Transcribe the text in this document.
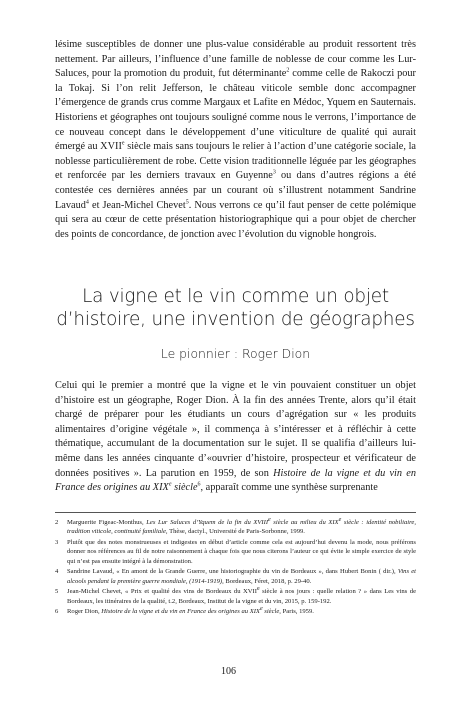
lésime susceptibles de donner une plus-value considérable au produit ressortent très nettement. Par ailleurs, l’influence d’une famille de noblesse de cour comme les Lur-Saluces, pour la promotion du produit, fut déterminante$^2$ comme celle de Rakoczi pour la Tokaj. Si l’on relit Jefferson, le château viticole semble donc accompagner l’émergence de grands crus comme Margaux et Lafite en Médoc, Yquem en Sauternais. Historiens et géographes ont toujours souligné comme nous le verrons, l’importance de ce nouveau concept dans le développement d’une viticulture de qualité qui aurait émergé au XVIIe siècle mais sans toujours le relier à l’action d’une catégorie sociale, la noblesse particulièrement de robe. Cette vision traditionnelle léguée par les géographes et renforcée par les derniers travaux en Guyenne$^3$ ou dans d’autres régions a été contestée ces dernières années par un courant où s’illustrent notamment Sandrine Lavaud$^4$ et Jean-Michel Chevet$^5$. Nous verrons ce qu’il faut penser de cette polémique qui sera au cœur de cette présentation historiographique qui a pour objet de chercher des points de concordance, de jonction avec l’évolution du vignoble hongrois.

La vigne et le vin comme un objet
d’histoire, une invention de géographes
Le pionnier : Roger Dion

Celui qui le premier a montré que la vigne et le vin pouvaient constituer un objet d’histoire est un géographe, Roger Dion. À la fin des années Trente, alors qu’il était chargé de préparer pour les étudiants un cours d’agrégation sur « les produits alimentaires d’origine végétale », il commença à s’intéresser et à réfléchir à cette thématique, accumulant de la documentation sur le sujet. Il se qualifia d’ailleurs lui-même dans les années cinquante d’«ouvrier d’histoire, prospecteur et vérificateur de données positives ». La parution en 1959, de son Histoire de la vigne et du vin en France des origines au XIXe siècle$^6$, apparaît comme une synthèse surprenante

2 Marguerite Figeac-Monthus, Les Lur Saluces d’Yquem de la fin du XVIIIe siècle au milieu du XIXe siècle : identité nobiliaire, tradition viticole, continuité familiale, Thèse, dactyl., Université de Paris-Sorbonne, 1999.

3 Plutôt que des notes monstrueuses et indigestes en début d’article comme cela est aujourd’hui devenu la mode, nous préférons donner nos références au fil de notre raisonnement à chaque fois que nous citerons l’auteur ce qui évite le simple exercice de style qui n’est pas ensuite intégré à la démonstration.

4 Sandrine Lavaud, « En amont de la Grande Guerre, une historiographie du vin de Bordeaux », dans Hubert Bonin ( dir.), Vins et alcools pendant la première guerre mondiale, (1914-1919), Bordeaux, Féret, 2018, p. 29-40.

5 Jean-Michel Chevet, « Prix et qualité des vins de Bordeaux du XVIIe siècle à nos jours : quelle relation ? » dans Les vins de Bordeaux, les itinéraires de la qualité, t.2, Bordeaux, Institut de la vigne et du vin, 2015, p. 159-192.

6 Roger Dion, Histoire de la vigne et du vin en France des origines au XIXe siècle, Paris, 1959.

106
